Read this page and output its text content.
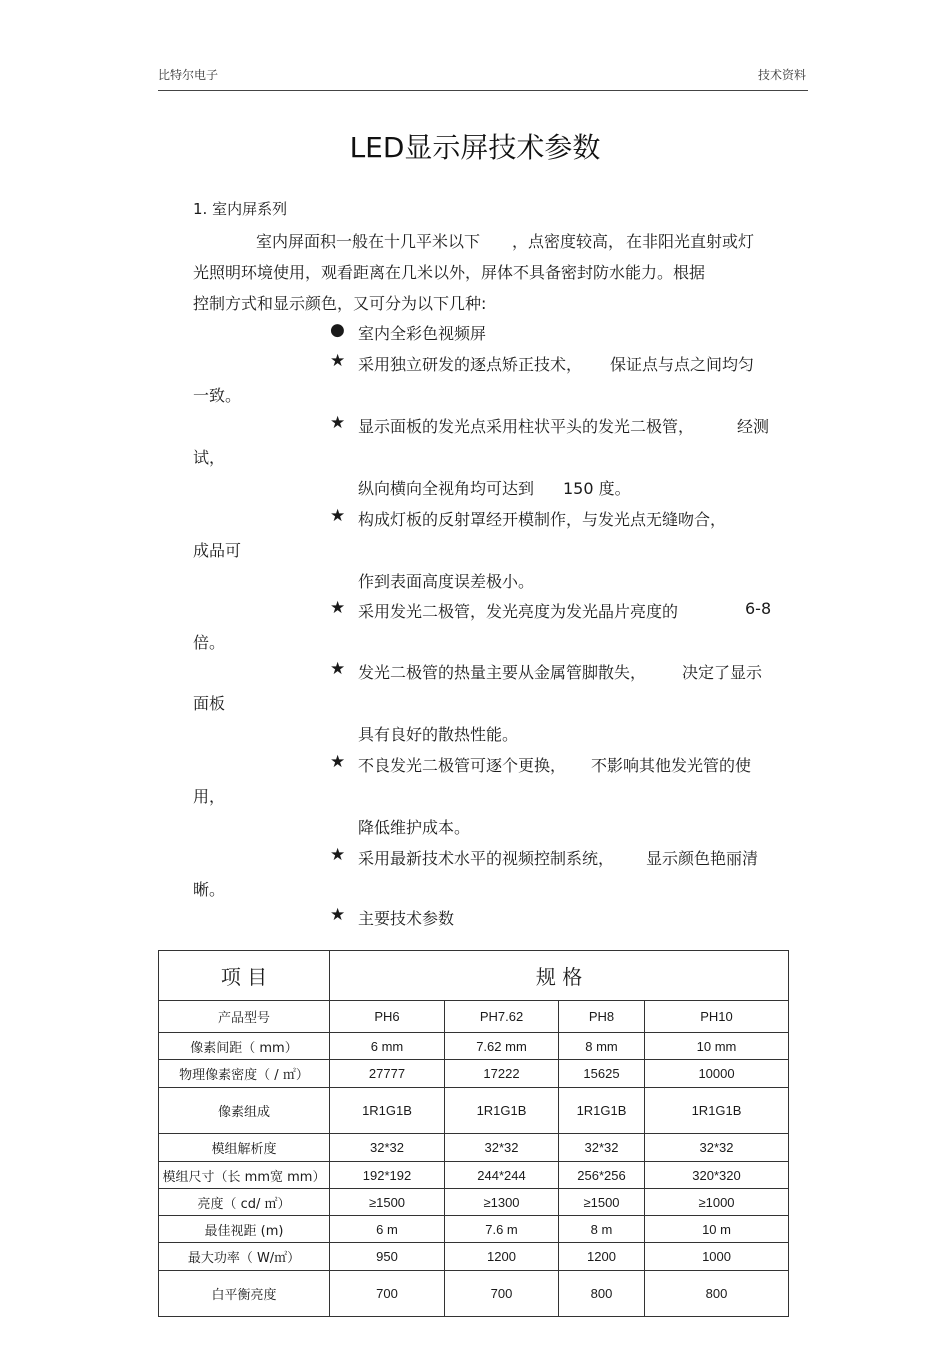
比特尔电子	技术资料
LED显示屏技术参数
1. 室内屏系列
室内屏面积一般在十几平米以下 ，点密度较高， 在非阳光直射或灯
光照明环境使用，观看距离在几米以外，屏体不具备密封防水能力。根据
控制方式和显示颜色，又可分为以下几种:
● 室内全彩色视频屏
★ 采用独立研发的逐点矫正技术， 保证点与点之间均匀
一致。
★ 显示面板的发光点采用柱状平头的发光二极管，	经测
试，
纵向横向全视角均可达到 150 度。
★ 构成灯板的反射罩经开模制作，与发光点无缝吻合，
成品可
作到表面高度误差极小。
★ 采用发光二极管，发光亮度为发光晶片亮度的	6-8
倍。
★ 发光二极管的热量主要从金属管脚散失， 决定了显示
面板
具有良好的散热性能。
★ 不良发光二极管可逐个更换， 不影响其他发光管的使
用，
降低维护成本。
★ 采用最新技术水平的视频控制系统， 显示颜色艳丽清
晰。
★ 主要技术参数
项 目	规 格			
产品型号	PH6	PH7.62	PH8	PH10
像素间距（ mm）	6 mm	7.62 mm	8 mm	10 mm
物理像素密度（ / ㎡）	27777	17222	15625	10000
像素组成	1R1G1B	1R1G1B	1R1G1B	1R1G1B
模组解析度	32*32	32*32	32*32	32*32
模组尺寸（长 mm宽 mm）	192*192	244*244	256*256	320*320
亮度（ cd/ ㎡）	≥1500	≥1300	≥1500	≥1000
最佳视距 (m)	6 m	7.6 m	8 m	10 m
最大功率（ W/㎡）	950	1200	1200	1000
白平衡亮度	700	700	800	800
